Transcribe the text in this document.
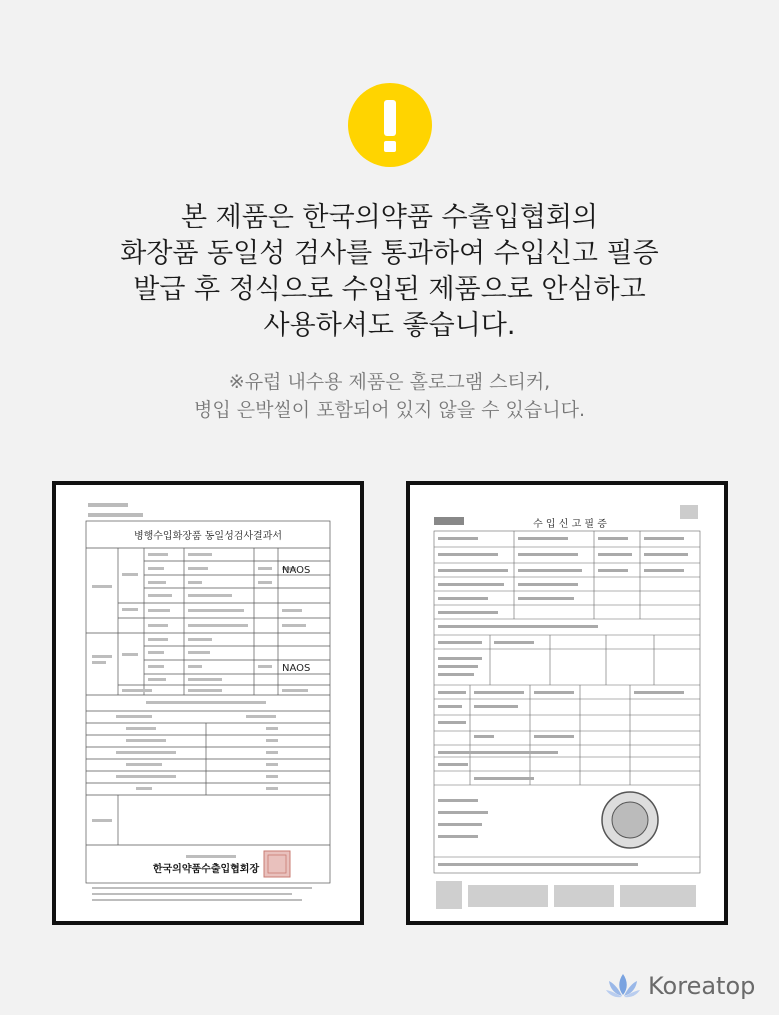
본 제품은 한국의약품 수출입협회의
화장품 동일성 검사를 통과하여 수입신고 필증
발급 후 정식으로 수입된 제품으로 안심하고
사용하셔도 좋습니다.
※유럽 내수용 제품은 홀로그램 스티커,
병입 은박씰이 포함되어 있지 않을 수 있습니다.
병행수입화장품 동일성검사결과서
NAOS
NAOS
한국의약품수출입협회장
수 입 신 고 필 증
Koreatop
